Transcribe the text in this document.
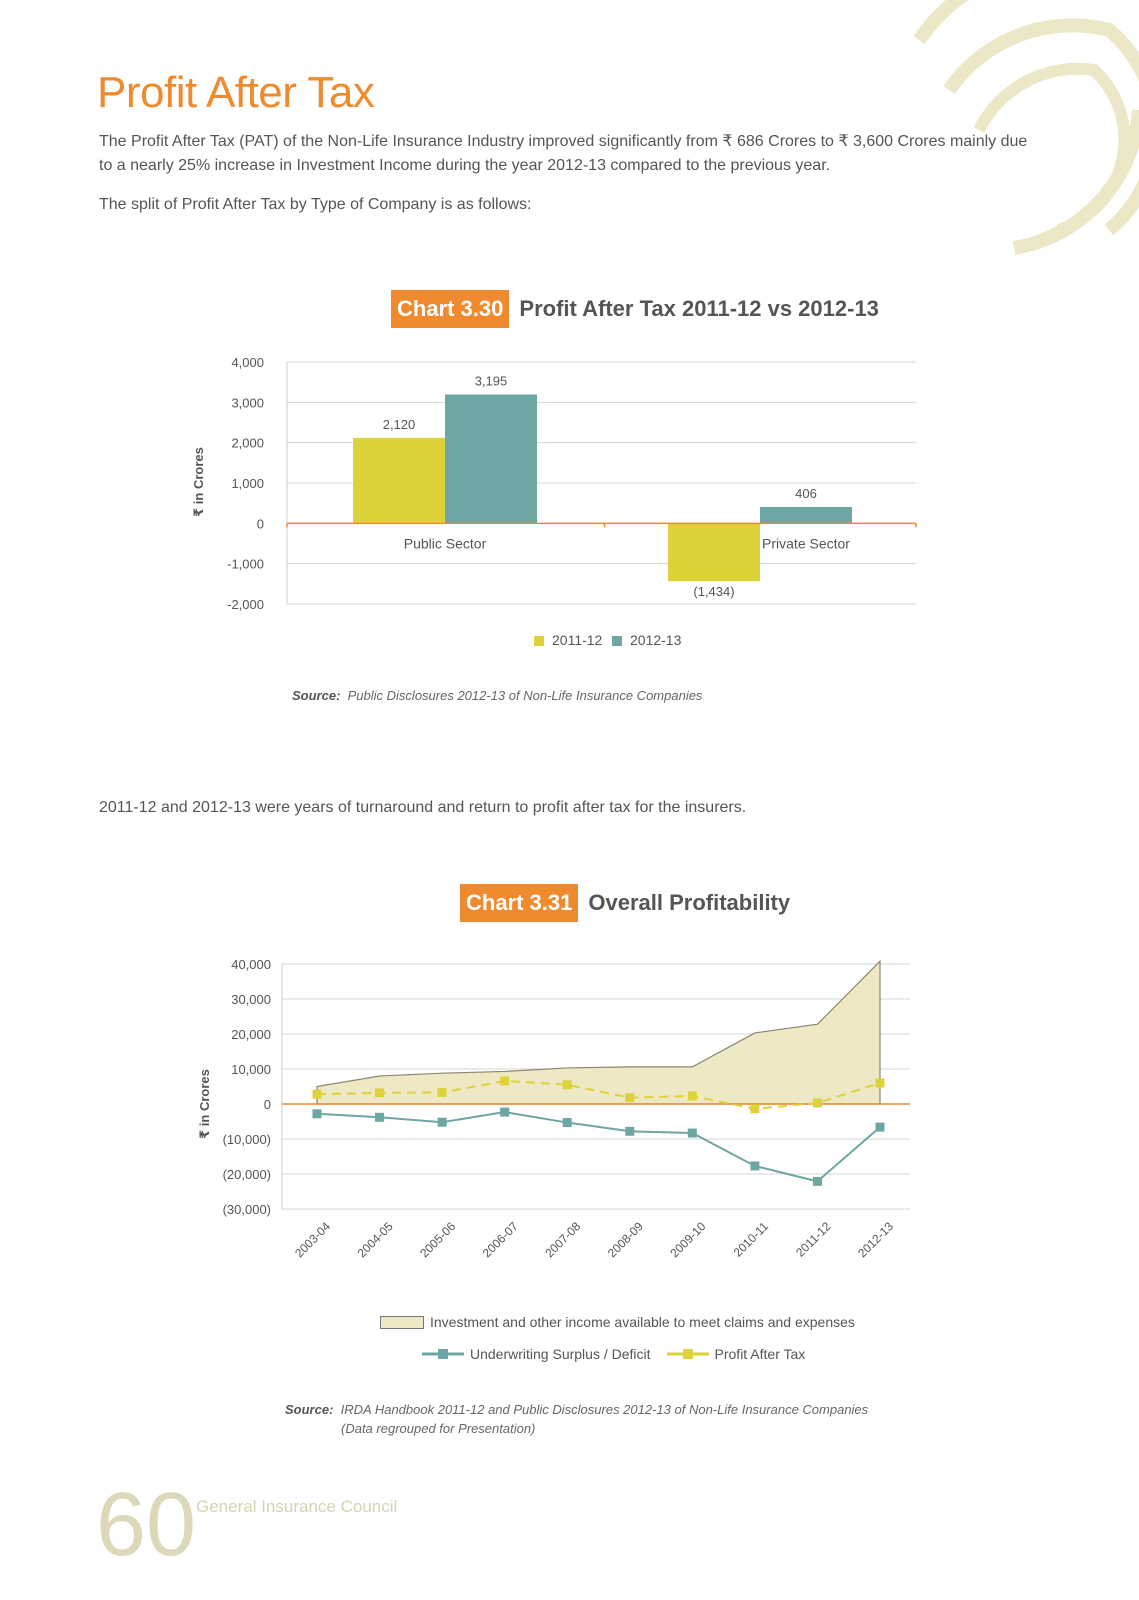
Profit After Tax

The Profit After Tax (PAT) of the Non-Life Insurance Industry improved significantly from ₹ 686 Crores to ₹ 3,600 Crores mainly due to a nearly 25% increase in Investment Income during the year 2012-13 compared to the previous year.

The split of Profit After Tax by Type of Company is as follows:

Chart 3.30 Profit After Tax 2011-12 vs 2012-13
4,000
3,000
2,000
1,000
0
-1,000
-2,000
₹ in Crores
2,120
(1,434)
3,195
406
Public Sector	Private Sector
2011-12 2012-13
Source: Public Disclosures 2012-13 of Non-Life Insurance Companies

2011-12 and 2012-13 were years of turnaround and return to profit after tax for the insurers.

Chart 3.31 Overall Profitability
40,000
30,000
20,000
10,000
0
(10,000)
(20,000)
(30,000)
₹ in Crores
2003-04 2004-05 2005-06 2006-07 2007-08 2008-09 2009-10 2010-11 2011-12 2012-13
Investment and other income available to meet claims and expenses
Underwriting Surplus / Deficit	Profit After Tax
Source: IRDA Handbook 2011-12 and Public Disclosures 2012-13 of Non-Life Insurance Companies
(Data regrouped for Presentation)
60 General Insurance Council
